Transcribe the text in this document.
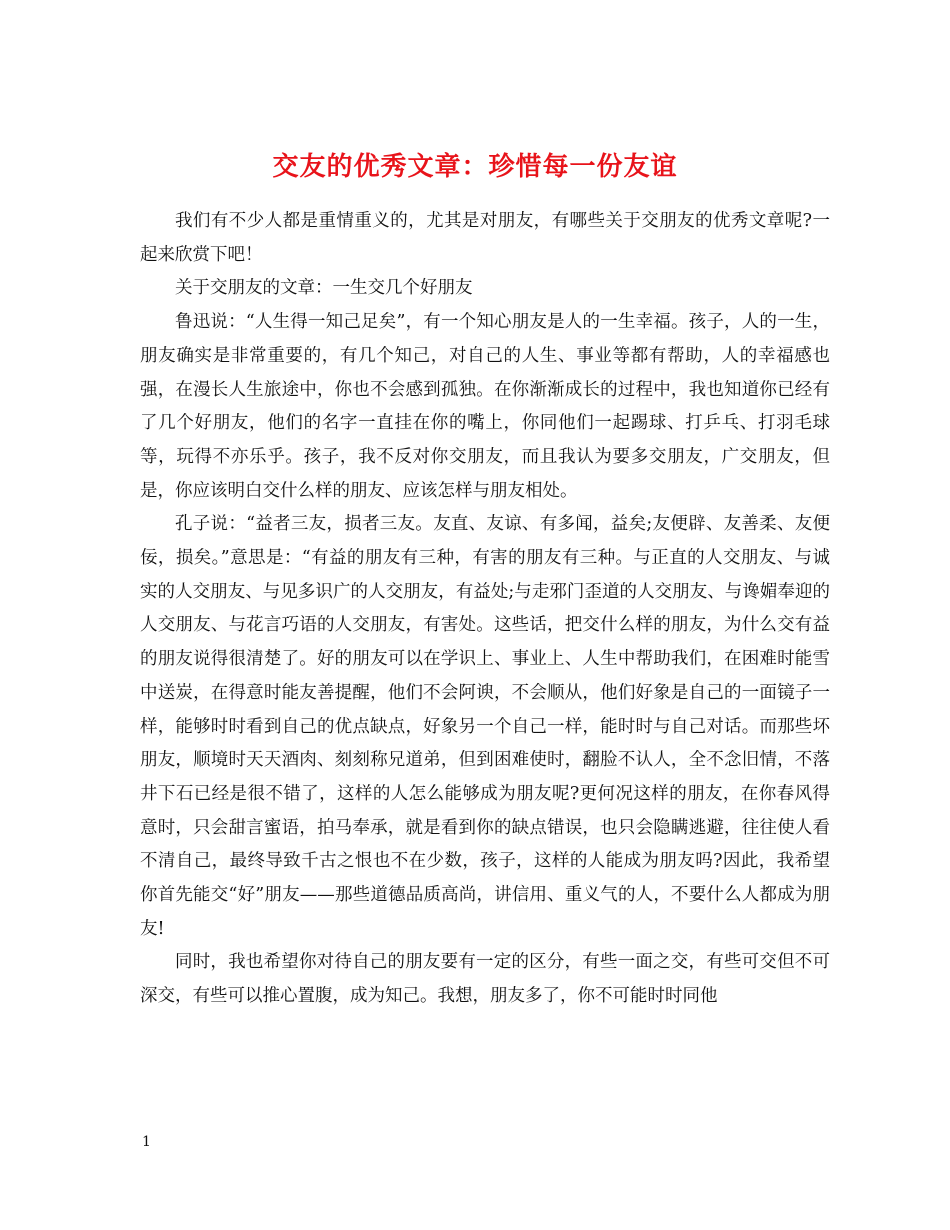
交友的优秀文章：珍惜每一份友谊

我们有不少人都是重情重义的，尤其是对朋友，有哪些关于交朋友的优秀文章呢?一起来欣赏下吧！

关于交朋友的文章：一生交几个好朋友

鲁迅说：“人生得一知己足矣”，有一个知心朋友是人的一生幸福。孩子，人的一生，朋友确实是非常重要的，有几个知己，对自己的人生、事业等都有帮助，人的幸福感也强，在漫长人生旅途中，你也不会感到孤独。在你渐渐成长的过程中，我也知道你已经有了几个好朋友，他们的名字一直挂在你的嘴上，你同他们一起踢球、打乒乓、打羽毛球等，玩得不亦乐乎。孩子，我不反对你交朋友，而且我认为要多交朋友，广交朋友，但是，你应该明白交什么样的朋友、应该怎样与朋友相处。

孔子说：“益者三友，损者三友。友直、友谅、有多闻，益矣;友便辟、友善柔、友便佞，损矣。”意思是：“有益的朋友有三种，有害的朋友有三种。与正直的人交朋友、与诚实的人交朋友、与见多识广的人交朋友，有益处;与走邪门歪道的人交朋友、与谗媚奉迎的人交朋友、与花言巧语的人交朋友，有害处。这些话，把交什么样的朋友，为什么交有益的朋友说得很清楚了。好的朋友可以在学识上、事业上、人生中帮助我们，在困难时能雪中送炭，在得意时能友善提醒，他们不会阿谀，不会顺从，他们好象是自己的一面镜子一样，能够时时看到自己的优点缺点，好象另一个自己一样，能时时与自己对话。而那些坏朋友，顺境时天天酒肉、刻刻称兄道弟，但到困难使时，翻脸不认人，全不念旧情，不落井下石已经是很不错了，这样的人怎么能够成为朋友呢?更何况这样的朋友，在你春风得意时，只会甜言蜜语，拍马奉承，就是看到你的缺点错误，也只会隐瞒逃避，往往使人看不清自己，最终导致千古之恨也不在少数，孩子，这样的人能成为朋友吗?因此，我希望你首先能交“好”朋友——那些道德品质高尚，讲信用、重义气的人，不要什么人都成为朋友!

同时，我也希望你对待自己的朋友要有一定的区分，有些一面之交，有些可交但不可深交，有些可以推心置腹，成为知己。我想，朋友多了，你不可能时时同他

1
